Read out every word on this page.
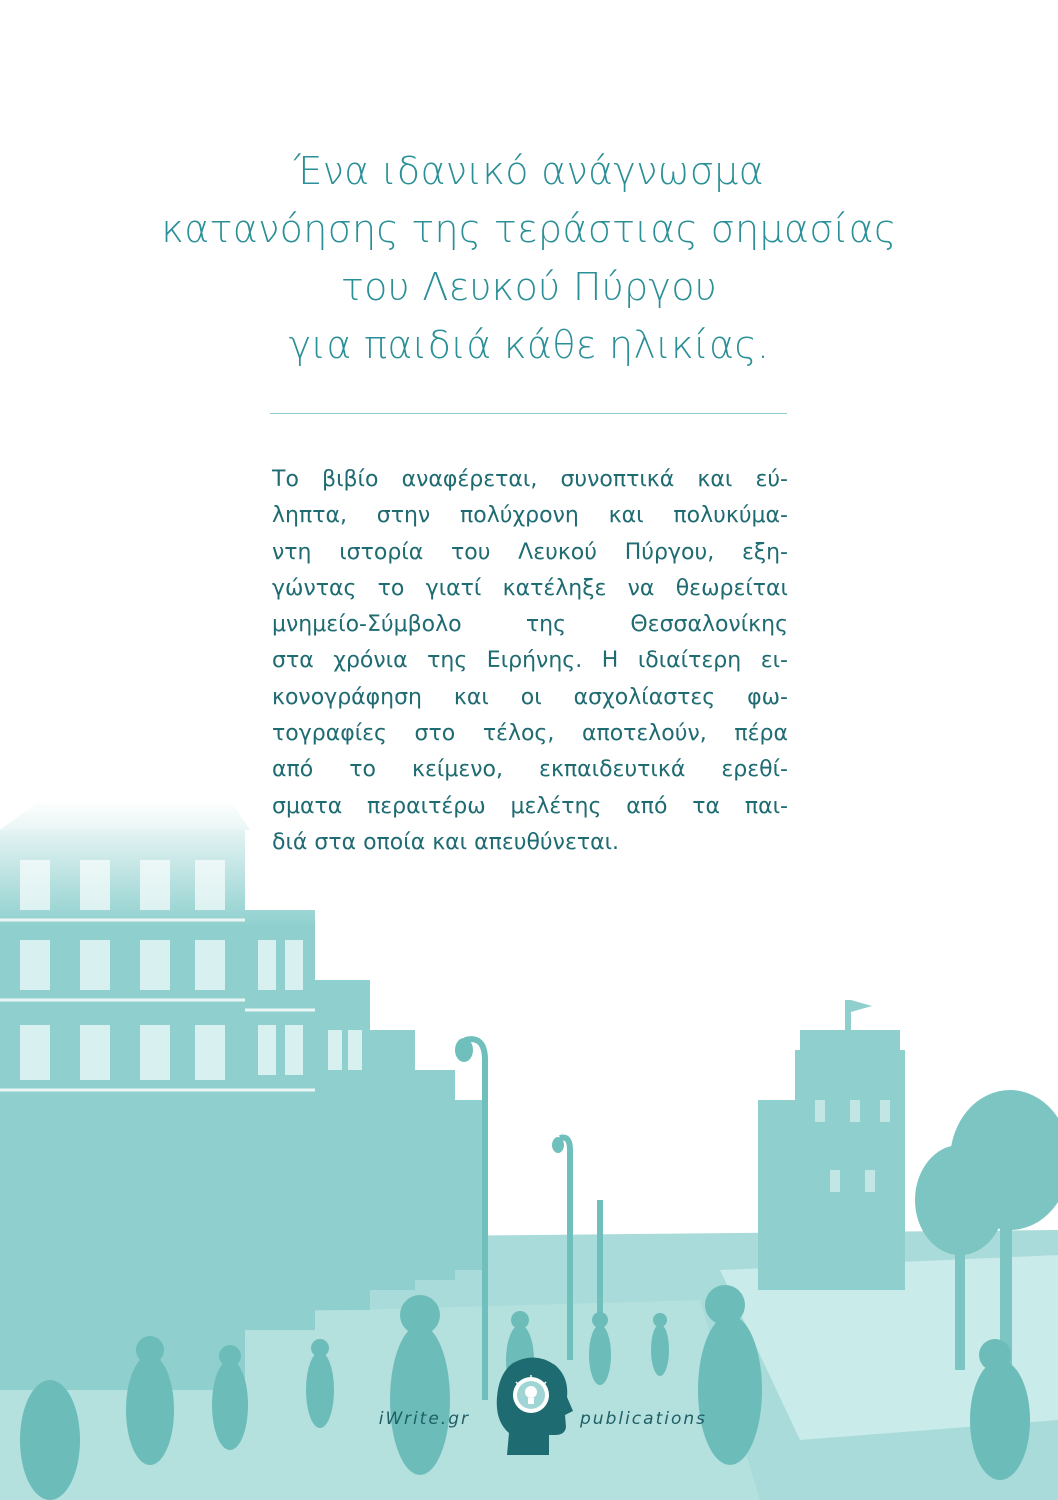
Ένα ιδανικό ανάγνωσμα
κατανόησης της τεράστιας σημασίας
του Λευκού Πύργου
για παιδιά κάθε ηλικίας.
Το βιβίο αναφέρεται, συνοπτικά και εύ-
ληπτα, στην πολύχρονη και πολυκύμα-
ντη ιστορία του Λευκού Πύργου, εξη-
γώντας το γιατί κατέληξε να θεωρείται
μνημείο-Σύμβολο της Θεσσαλονίκης
στα χρόνια της Ειρήνης. Η ιδιαίτερη ει-
κονογράφηση και οι ασχολίαστες φω-
τογραφίες στο τέλος, αποτελούν, πέρα
από το κείμενο, εκπαιδευτικά ερεθί-
σματα περαιτέρω μελέτης από τα παι-
διά στα οποία και απευθύνεται.
iWrite.gr	publications
